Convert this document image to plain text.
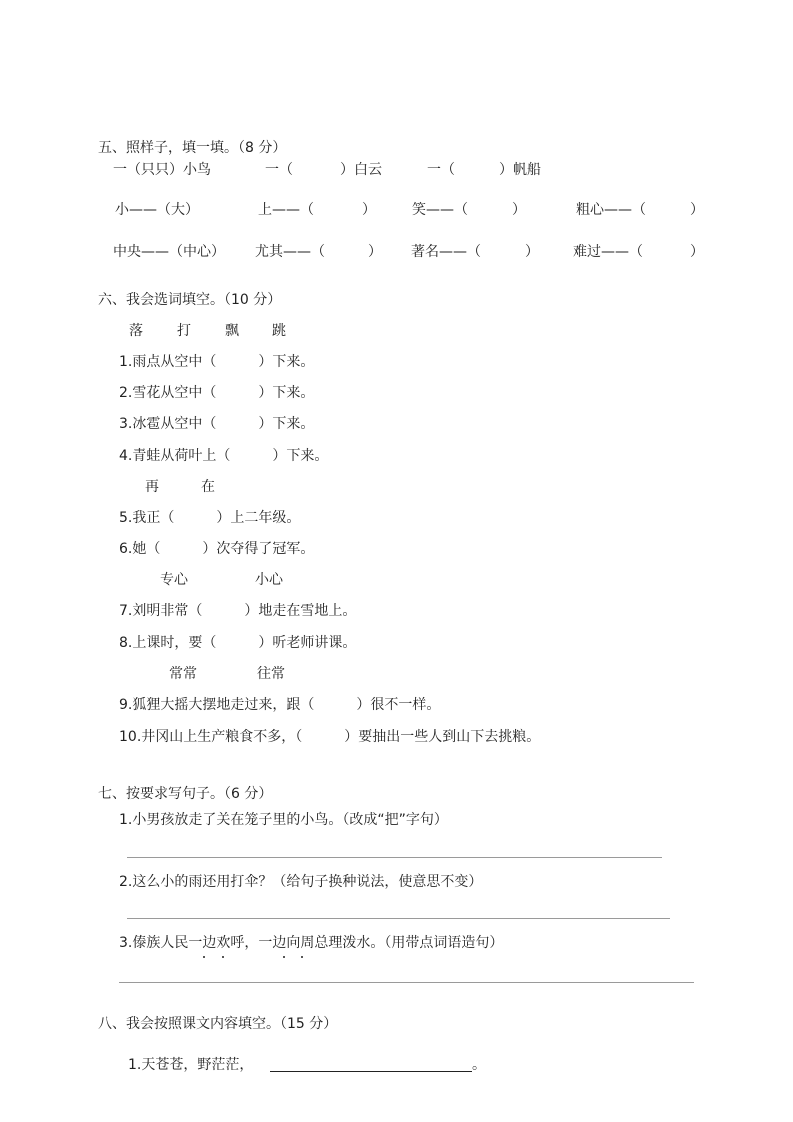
五、照样子，填一填。（8 分）
一（只只）小鸟	一（	）白云	一（	）帆船
小——（大）	上——（	）	笑——（	）	粗心——（	）
中央——（中心） 尤其——（	） 著名——（	） 难过——（	）
六、我会选词填空。（10 分）
落 打 飘 跳
1.雨点从空中（　　　）下来。
2.雪花从空中（　　　）下来。
3.冰雹从空中（　　　）下来。
4.青蛙从荷叶上（　　　）下来。
再	在
5.我正（　　　）上二年级。
6.她（　　　）次夺得了冠军。
专心	小心
7.刘明非常（　　　）地走在雪地上。
8.上课时，要（　　　）听老师讲课。
常常	往常
9.狐狸大摇大摆地走过来，跟（　　　）很不一样。
10.井冈山上生产粮食不多，（　　　）要抽出一些人到山下去挑粮。
七、按要求写句子。（6 分）
1.小男孩放走了关在笼子里的小鸟。（改成“把”字句）
2.这么小的雨还用打伞？（给句子换种说法，使意思不变）
3.傣族人民一边欢呼，一边向周总理泼水。（用带点词语造句）
八、我会按照课文内容填空。（15 分）
1.天苍苍，野茫茫，	。
